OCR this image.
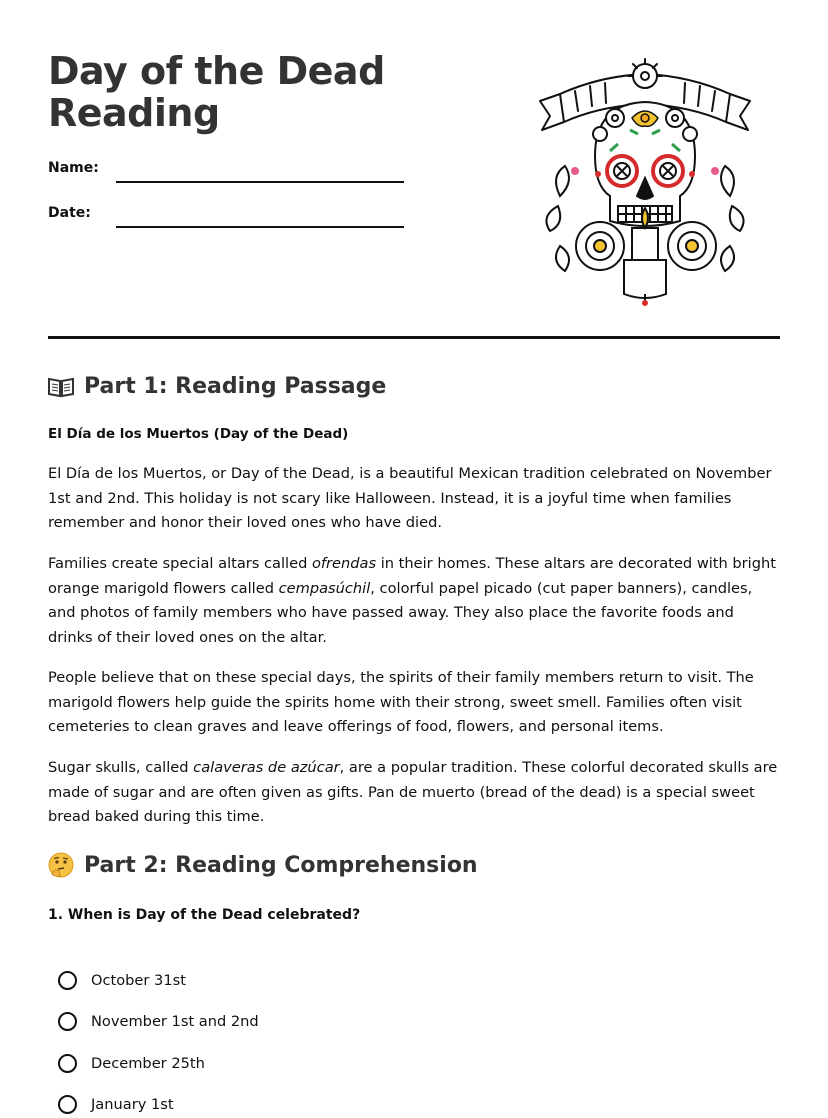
Day of the Dead
Reading
Name:
Date:
Part 1: Reading Passage
El Día de los Muertos (Day of the Dead)

El Día de los Muertos, or Day of the Dead, is a beautiful Mexican tradition celebrated on November 1st and 2nd. This holiday is not scary like Halloween. Instead, it is a joyful time when families remember and honor their loved ones who have died.

Families create special altars called ofrendas in their homes. These altars are decorated with bright orange marigold flowers called cempasúchil, colorful papel picado (cut paper banners), candles, and photos of family members who have passed away. They also place the favorite foods and drinks of their loved ones on the altar.

People believe that on these special days, the spirits of their family members return to visit. The marigold flowers help guide the spirits home with their strong, sweet smell. Families often visit cemeteries to clean graves and leave offerings of food, flowers, and personal items.

Sugar skulls, called calaveras de azúcar, are a popular tradition. These colorful decorated skulls are made of sugar and are often given as gifts. Pan de muerto (bread of the dead) is a special sweet bread baked during this time.

Part 2: Reading Comprehension
1. When is Day of the Dead celebrated?
October 31st
November 1st and 2nd
December 25th
January 1st
